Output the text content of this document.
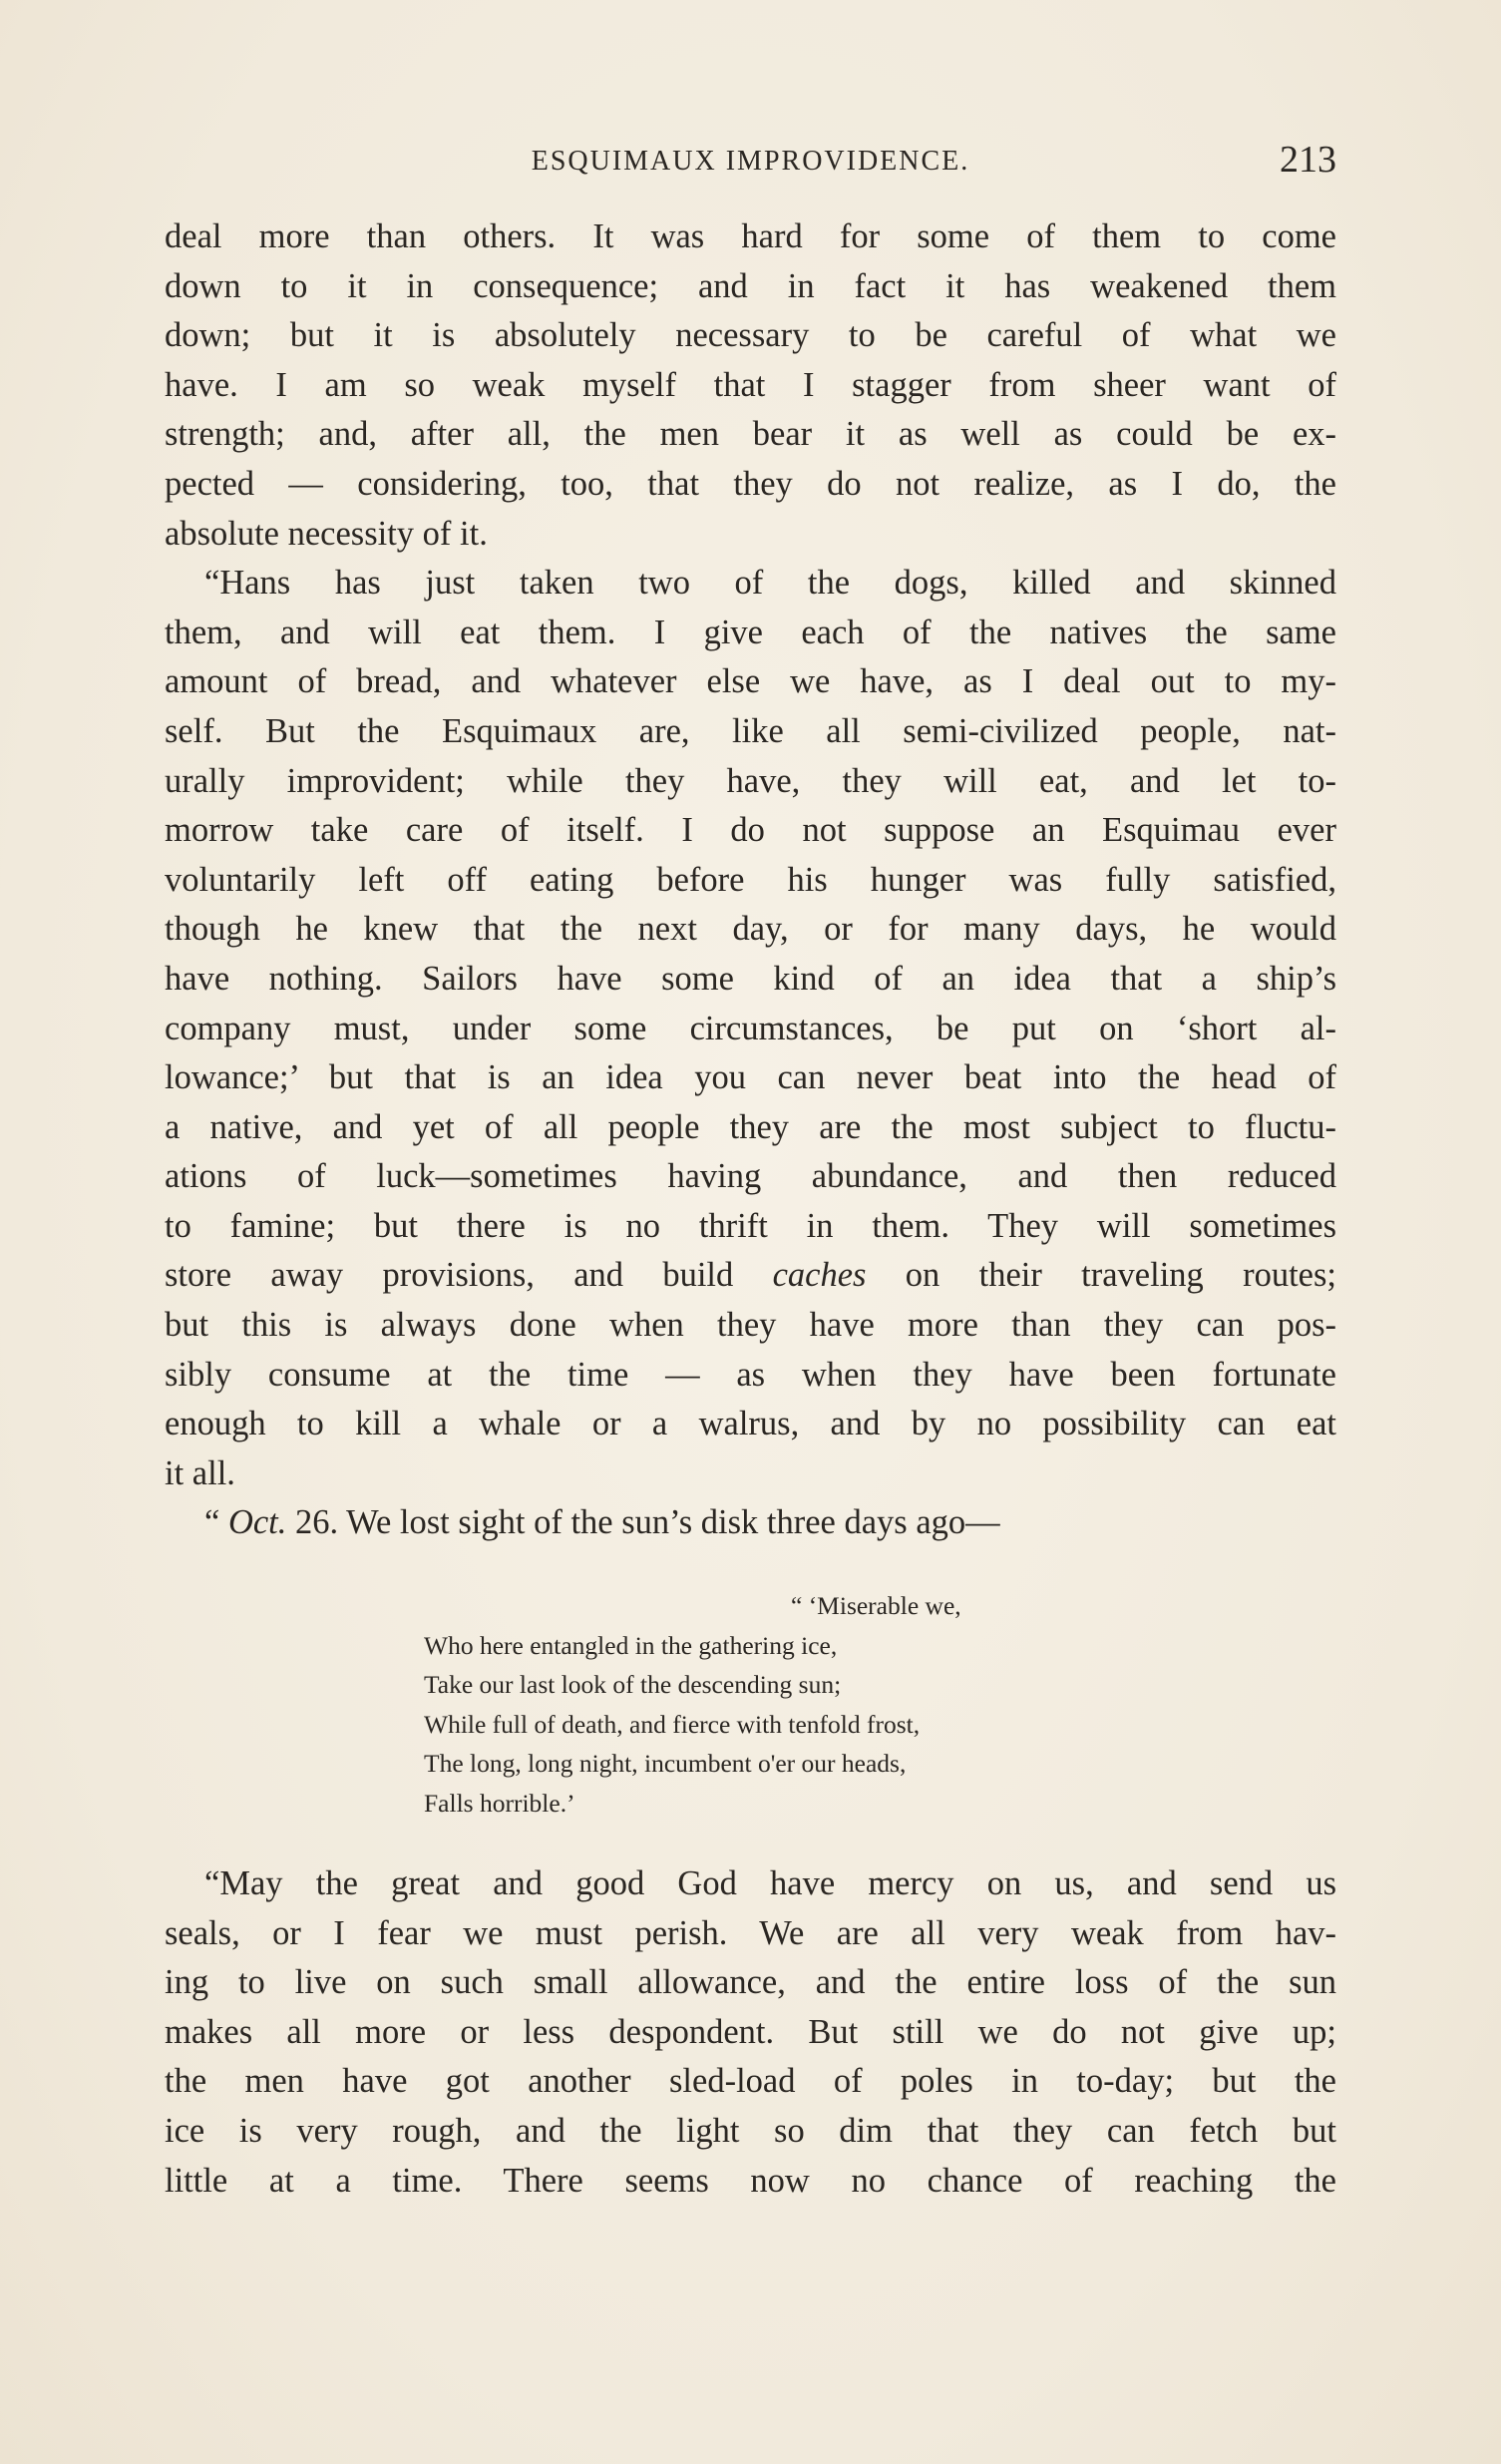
ESQUIMAUX IMPROVIDENCE.	213
deal more than others. It was hard for some of them to come
down to it in consequence; and in fact it has weakened them
down; but it is absolutely necessary to be careful of what we
have. I am so weak myself that I stagger from sheer want of
strength; and, after all, the men bear it as well as could be ex-
pected — considering, too, that they do not realize, as I do, the
absolute necessity of it.
“Hans has just taken two of the dogs, killed and skinned
them, and will eat them. I give each of the natives the same
amount of bread, and whatever else we have, as I deal out to my-
self. But the Esquimaux are, like all semi-civilized people, nat-
urally improvident; while they have, they will eat, and let to-
morrow take care of itself. I do not suppose an Esquimau ever
voluntarily left off eating before his hunger was fully satisfied,
though he knew that the next day, or for many days, he would
have nothing. Sailors have some kind of an idea that a ship’s
company must, under some circumstances, be put on ‘short al-
lowance;’ but that is an idea you can never beat into the head of
a native, and yet of all people they are the most subject to fluctu-
ations of luck—sometimes having abundance, and then reduced
to famine; but there is no thrift in them. They will sometimes
store away provisions, and build caches on their traveling routes;
but this is always done when they have more than they can pos-
sibly consume at the time — as when they have been fortunate
enough to kill a whale or a walrus, and by no possibility can eat
it all.
“ Oct. 26. We lost sight of the sun’s disk three days ago—
“ ‘Miserable we,
Who here entangled in the gathering ice,
Take our last look of the descending sun;
While full of death, and fierce with tenfold frost,
The long, long night, incumbent o'er our heads,
Falls horrible.’
“May the great and good God have mercy on us, and send us
seals, or I fear we must perish. We are all very weak from hav-
ing to live on such small allowance, and the entire loss of the sun
makes all more or less despondent. But still we do not give up;
the men have got another sled-load of poles in to-day; but the
ice is very rough, and the light so dim that they can fetch but
little at a time. There seems now no chance of reaching the
